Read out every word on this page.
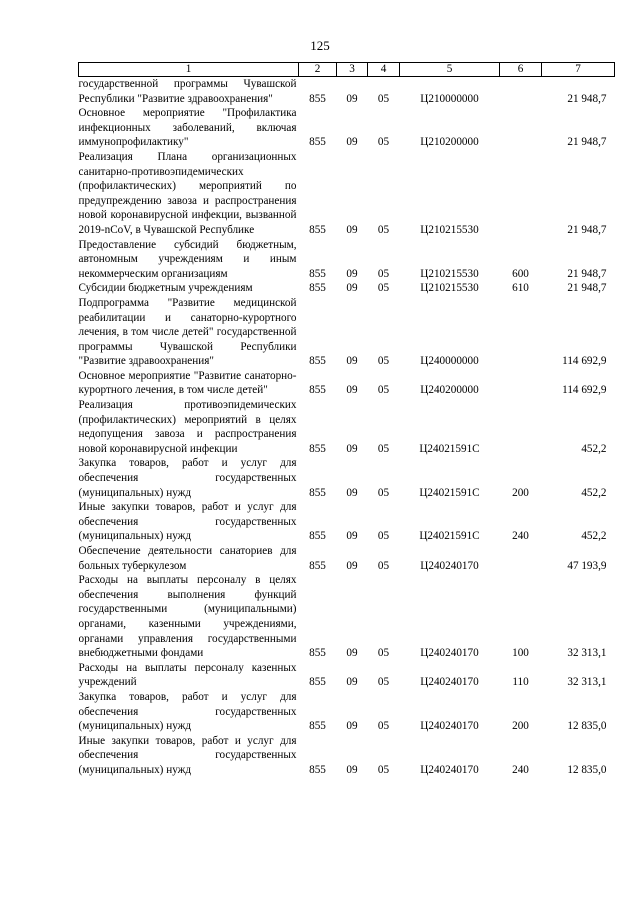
125
1	2	3	4	5	6	7
государственной программы Чувашской Республики "Развитие здравоохранения"	855	09	05	Ц210000000		21 948,7
Основное мероприятие "Профилактика инфекционных заболеваний, включая иммунопрофилактику"	855	09	05	Ц210200000		21 948,7
Реализация Плана организационных санитарно-противоэпидемических (профилактических) мероприятий по предупреждению завоза и распространения новой коронавирусной инфекции, вызванной 2019-nCoV, в Чувашской Республике	855	09	05	Ц210215530		21 948,7
Предоставление субсидий бюджетным, автономным учреждениям и иным некоммерческим организациям	855	09	05	Ц210215530	600	21 948,7
Субсидии бюджетным учреждениям	855	09	05	Ц210215530	610	21 948,7
Подпрограмма "Развитие медицинской реабилитации и санаторно-курортного лечения, в том числе детей" государственной программы Чувашской Республики "Развитие здравоохранения"	855	09	05	Ц240000000		114 692,9
Основное мероприятие "Развитие санаторно-курортного лечения, в том числе детей"	855	09	05	Ц240200000		114 692,9
Реализация противоэпидемических (профилактических) мероприятий в целях недопущения завоза и распространения новой коронавирусной инфекции	855	09	05	Ц24021591C		452,2
Закупка товаров, работ и услуг для обеспечения государственных (муниципальных) нужд	855	09	05	Ц24021591C	200	452,2
Иные закупки товаров, работ и услуг для обеспечения государственных (муниципальных) нужд	855	09	05	Ц24021591C	240	452,2
Обеспечение деятельности санаториев для больных туберкулезом	855	09	05	Ц240240170		47 193,9
Расходы на выплаты персоналу в целях обеспечения выполнения функций государственными (муниципальными) органами, казенными учреждениями, органами управления государственными внебюджетными фондами	855	09	05	Ц240240170	100	32 313,1
Расходы на выплаты персоналу казенных учреждений	855	09	05	Ц240240170	110	32 313,1
Закупка товаров, работ и услуг для обеспечения государственных (муниципальных) нужд	855	09	05	Ц240240170	200	12 835,0
Иные закупки товаров, работ и услуг для обеспечения государственных (муниципальных) нужд	855	09	05	Ц240240170	240	12 835,0
